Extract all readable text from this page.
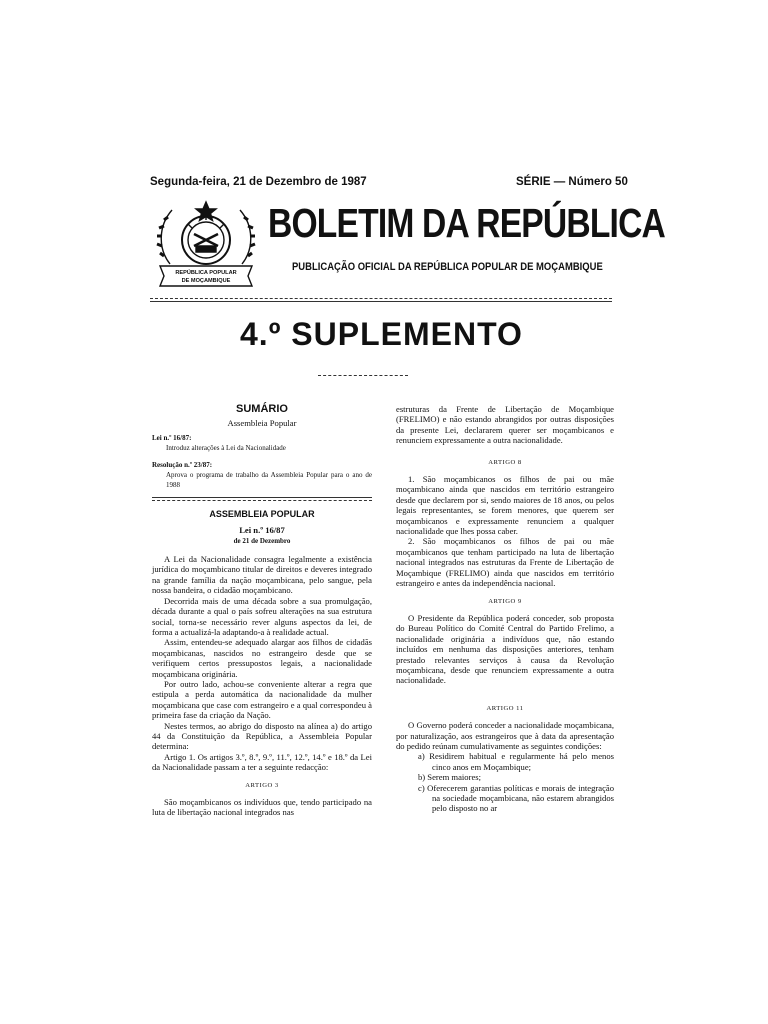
Segunda-feira, 21 de Dezembro de 1987	SÉRIE — Número 50
REPÚBLICA POPULAR
DE MOÇAMBIQUE
BOLETIM DA REPÚBLICA
PUBLICAÇÃO OFICIAL DA REPÚBLICA POPULAR DE MOÇAMBIQUE
4.º SUPLEMENTO
SUMÁRIO
Assembleia Popular
Lei n.º 16/87:
Introduz alterações à Lei da Nacionalidade
Resolução n.º 23/87:
Aprova o programa de trabalho da Assembleia Popular para o ano de 1988
ASSEMBLEIA POPULAR
Lei n.º 16/87
de 21 de Dezembro

A Lei da Nacionalidade consagra legalmente a existência jurídica do moçambicano titular de direitos e deveres integrado na grande família da nação moçambicana, pelo sangue, pela nossa bandeira, o cidadão moçambicano.

Decorrida mais de uma década sobre a sua promulgação, década durante a qual o país sofreu alterações na sua estrutura social, torna-se necessário rever alguns aspectos da lei, de forma a actualizá-la adaptando-a à realidade actual.

Assim, entendeu-se adequado alargar aos filhos de cidadãs moçambicanas, nascidos no estrangeiro desde que se verifiquem certos pressupostos legais, a nacionalidade moçambicana originária.

Por outro lado, achou-se conveniente alterar a regra que estipula a perda automática da nacionalidade da mulher moçambicana que case com estrangeiro e a qual correspondeu à primeira fase da criação da Nação.

Nestes termos, ao abrigo do disposto na alínea a) do artigo 44 da Constituição da República, a Assembleia Popular determina:

Artigo 1. Os artigos 3.º, 8.º, 9.º, 11.º, 12.º, 14.º e 18.º da Lei da Nacionalidade passam a ter a seguinte redacção:

ARTIGO 3

São moçambicanos os indivíduos que, tendo participado na luta de libertação nacional integrados nas

estruturas da Frente de Libertação de Moçambique (FRELIMO) e não estando abrangidos por outras disposições da presente Lei, declararem querer ser moçambicanos e renunciem expressamente a outra nacionalidade.

ARTIGO 8

1. São moçambicanos os filhos de pai ou mãe moçambicano ainda que nascidos em território estrangeiro desde que declarem por si, sendo maiores de 18 anos, ou pelos legais representantes, se forem menores, que querem ser moçambicanos e expressamente renunciem a qualquer nacionalidade que lhes possa caber.

2. São moçambicanos os filhos de pai ou mãe moçambicanos que tenham participado na luta de libertação nacional integrados nas estruturas da Frente de Libertação de Moçambique (FRELIMO) ainda que nascidos em território estrangeiro e antes da independência nacional.

ARTIGO 9

O Presidente da República poderá conceder, sob proposta do Bureau Político do Comité Central do Partido Frelimo, a nacionalidade originária a indivíduos que, não estando incluídos em nenhuma das disposições anteriores, tenham prestado relevantes serviços à causa da Revolução moçambicana, desde que renunciem expressamente a outra nacionalidade.

ARTIGO 11

O Governo poderá conceder a nacionalidade moçambicana, por naturalização, aos estrangeiros que à data da apresentação do pedido reúnam cumulativamente as seguintes condições:

a) Residirem habitual e regularmente há pelo menos cinco anos em Moçambique;
b) Serem maiores;
c) Oferecerem garantias políticas e morais de integração na sociedade moçambicana, não estarem abrangidos pelo disposto no ar
